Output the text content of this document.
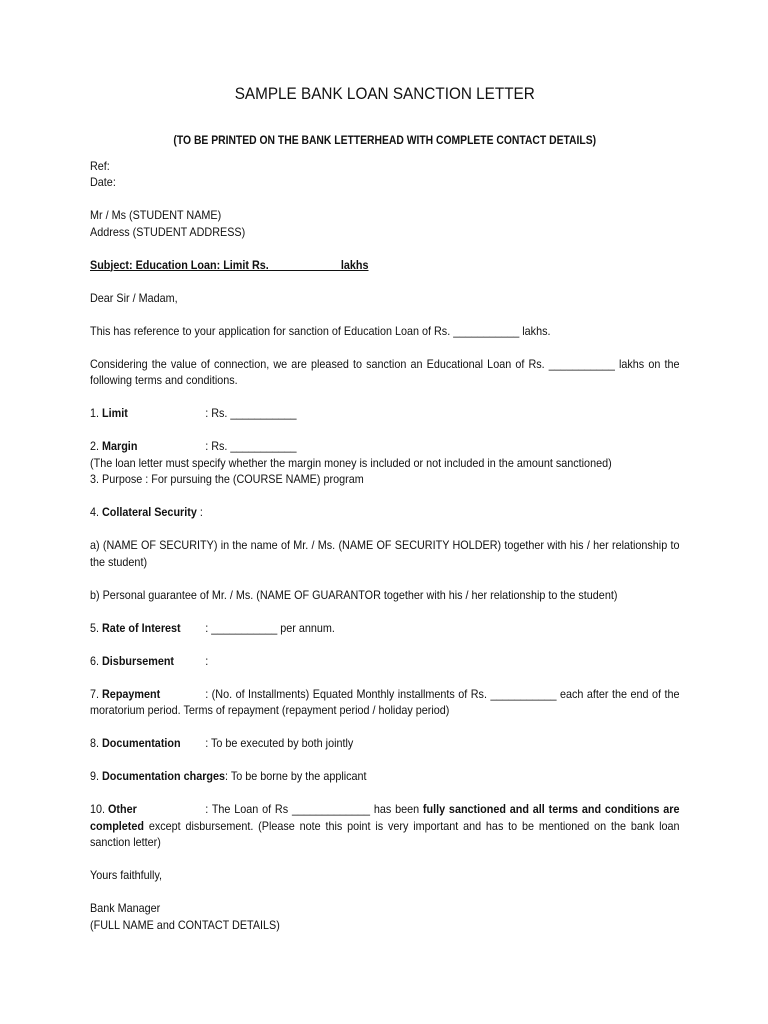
SAMPLE BANK LOAN SANCTION LETTER
(TO BE PRINTED ON THE BANK LETTERHEAD WITH COMPLETE CONTACT DETAILS)
Ref:
Date:
Mr / Ms (STUDENT NAME)
Address (STUDENT ADDRESS)
Subject: Education Loan: Limit Rs. ___________ lakhs
Dear Sir / Madam,
This has reference to your application for sanction of Education Loan of Rs. ___________ lakhs.
Considering the value of connection, we are pleased to sanction an Educational Loan of Rs. ___________ lakhs on the following terms and conditions.
1. Limit	: Rs. ___________
2. Margin	: Rs. ___________
(The loan letter must specify whether the margin money is included or not included in the amount sanctioned)
3. Purpose : For pursuing the (COURSE NAME) program
4. Collateral Security :
a) (NAME OF SECURITY) in the name of Mr. / Ms. (NAME OF SECURITY HOLDER) together with his / her relationship to the student)
b) Personal guarantee of Mr. / Ms. (NAME OF GUARANTOR together with his / her relationship to the student)
5. Rate of Interest : ___________ per annum.
6. Disbursement	:
7. Repayment	: (No. of Installments) Equated Monthly installments of Rs. ___________ each after the end of the moratorium period. Terms of repayment (repayment period / holiday period)
8. Documentation : To be executed by both jointly
9. Documentation charges: To be borne by the applicant
10. Other	: The Loan of Rs _____________ has been fully sanctioned and all terms and conditions are completed except disbursement. (Please note this point is very important and has to be mentioned on the bank loan sanction letter)
Yours faithfully,
Bank Manager
(FULL NAME and CONTACT DETAILS)
